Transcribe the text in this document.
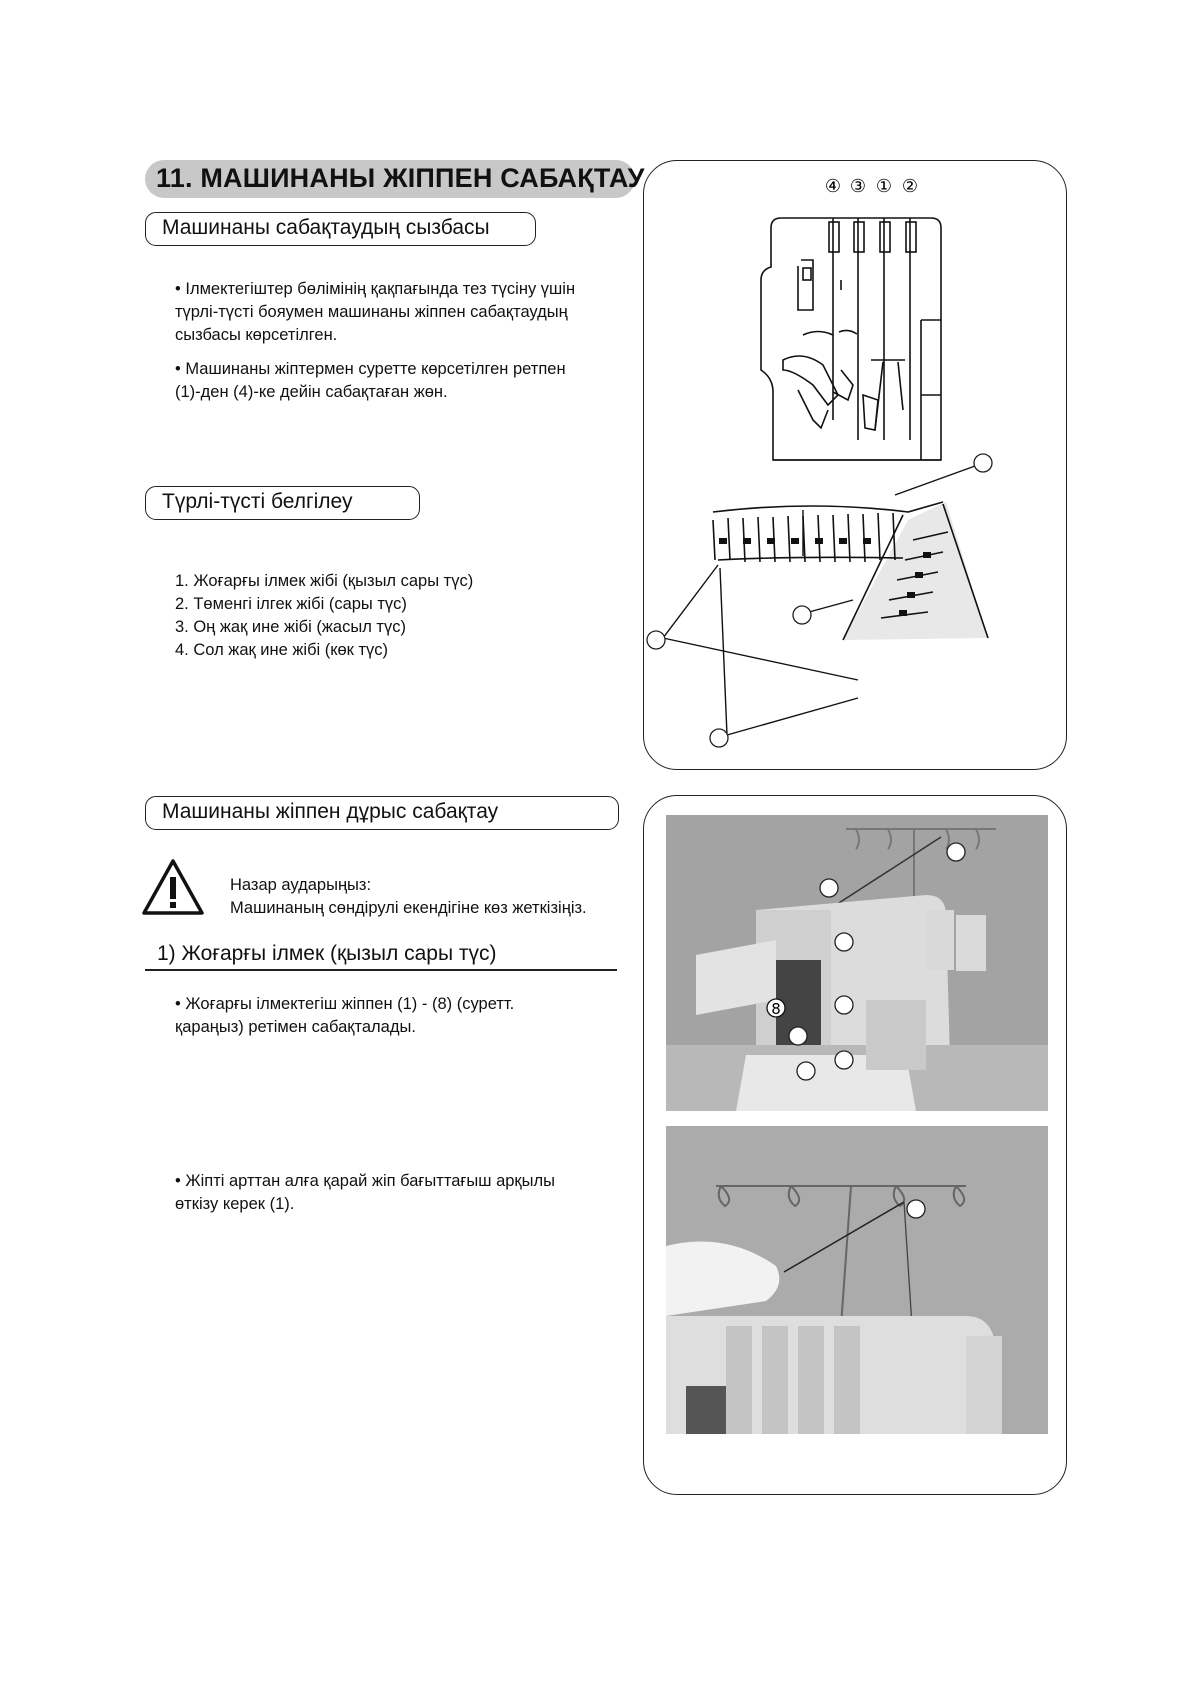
11. МАШИНАНЫ ЖІППЕН САБАҚТАУ
Машинаны сабақтаудың сызбасы
• Ілмектегіштер бөлімінің қақпағында тез түсіну үшін түрлі-түсті бояумен машинаны жіппен сабақтаудың сызбасы көрсетілген.
• Машинаны жіптермен суретте көрсетілген ретпен (1)-ден (4)-ке дейін сабақтаған жөн.
Түрлі-түсті белгілеу
1. Жоғарғы ілмек жібі (қызыл сары түс)
2. Төменгі ілгек жібі (сары түс)
3. Оң жақ ине жібі (жасыл түс)
4. Сол жақ ине жібі (көк түс)
④ ③ ① ②
Машинаны жіппен дұрыс сабақтау
Назар аударыңыз:
Машинаның сөндірулі екендігіне көз жеткізіңіз.
1) Жоғарғы ілмек (қызыл сары түс)
• Жоғарғы ілмектегіш жіппен (1) - (8) (суретт. қараңыз) ретімен сабақталады.
• Жіпті арттан алға қарай жіп бағыттағыш арқылы өткізу керек (1).
8
